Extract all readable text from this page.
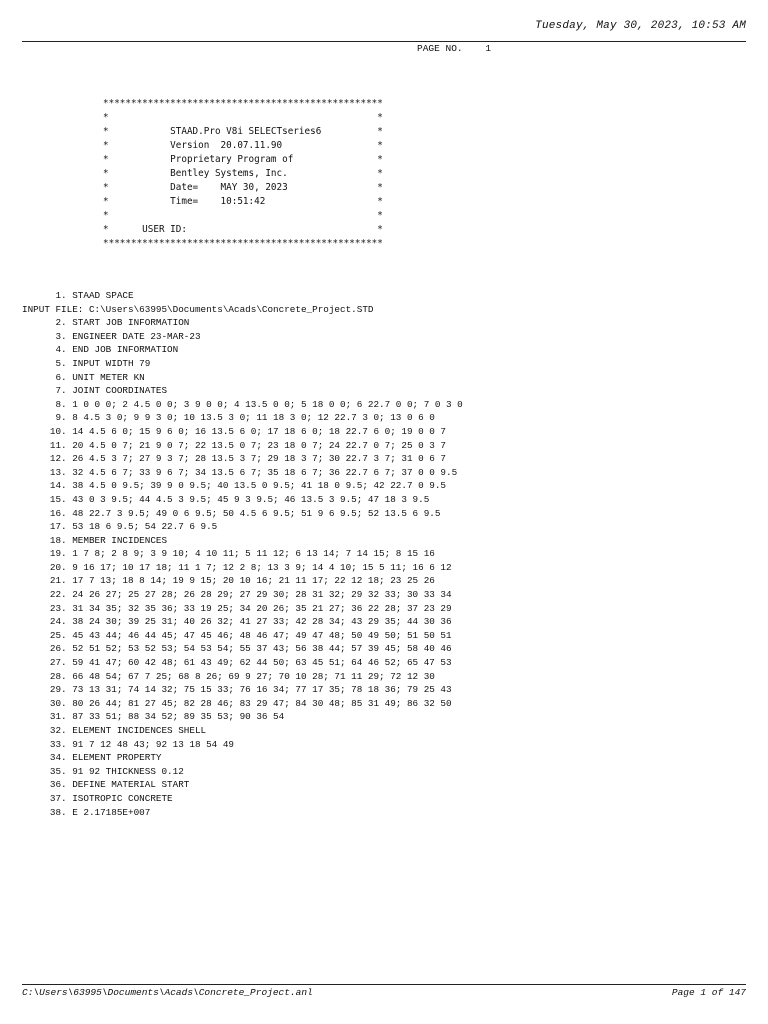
Tuesday, May 30, 2023, 10:53 AM
PAGE NO.    1
**************************************************
*                                                *
*           STAAD.Pro V8i SELECTseries6          *
*           Version  20.07.11.90                 *
*           Proprietary Program of               *
*           Bentley Systems, Inc.                *
*           Date=    MAY 30, 2023                *
*           Time=    10:51:42                    *
*                                                *
*      USER ID:                                  *
**************************************************
1. STAAD SPACE
INPUT FILE: C:\Users\63995\Documents\Acads\Concrete_Project.STD
2. START JOB INFORMATION
3. ENGINEER DATE 23-MAR-23
4. END JOB INFORMATION
5. INPUT WIDTH 79
6. UNIT METER KN
7. JOINT COORDINATES
8. 1 0 0 0; 2 4.5 0 0; 3 9 0 0; 4 13.5 0 0; 5 18 0 0; 6 22.7 0 0; 7 0 3 0
9. 8 4.5 3 0; 9 9 3 0; 10 13.5 3 0; 11 18 3 0; 12 22.7 3 0; 13 0 6 0
10. 14 4.5 6 0; 15 9 6 0; 16 13.5 6 0; 17 18 6 0; 18 22.7 6 0; 19 0 0 7
11. 20 4.5 0 7; 21 9 0 7; 22 13.5 0 7; 23 18 0 7; 24 22.7 0 7; 25 0 3 7
12. 26 4.5 3 7; 27 9 3 7; 28 13.5 3 7; 29 18 3 7; 30 22.7 3 7; 31 0 6 7
13. 32 4.5 6 7; 33 9 6 7; 34 13.5 6 7; 35 18 6 7; 36 22.7 6 7; 37 0 0 9.5
14. 38 4.5 0 9.5; 39 9 0 9.5; 40 13.5 0 9.5; 41 18 0 9.5; 42 22.7 0 9.5
15. 43 0 3 9.5; 44 4.5 3 9.5; 45 9 3 9.5; 46 13.5 3 9.5; 47 18 3 9.5
16. 48 22.7 3 9.5; 49 0 6 9.5; 50 4.5 6 9.5; 51 9 6 9.5; 52 13.5 6 9.5
17. 53 18 6 9.5; 54 22.7 6 9.5
18. MEMBER INCIDENCES
19. 1 7 8; 2 8 9; 3 9 10; 4 10 11; 5 11 12; 6 13 14; 7 14 15; 8 15 16
20. 9 16 17; 10 17 18; 11 1 7; 12 2 8; 13 3 9; 14 4 10; 15 5 11; 16 6 12
21. 17 7 13; 18 8 14; 19 9 15; 20 10 16; 21 11 17; 22 12 18; 23 25 26
22. 24 26 27; 25 27 28; 26 28 29; 27 29 30; 28 31 32; 29 32 33; 30 33 34
23. 31 34 35; 32 35 36; 33 19 25; 34 20 26; 35 21 27; 36 22 28; 37 23 29
24. 38 24 30; 39 25 31; 40 26 32; 41 27 33; 42 28 34; 43 29 35; 44 30 36
25. 45 43 44; 46 44 45; 47 45 46; 48 46 47; 49 47 48; 50 49 50; 51 50 51
26. 52 51 52; 53 52 53; 54 53 54; 55 37 43; 56 38 44; 57 39 45; 58 40 46
27. 59 41 47; 60 42 48; 61 43 49; 62 44 50; 63 45 51; 64 46 52; 65 47 53
28. 66 48 54; 67 7 25; 68 8 26; 69 9 27; 70 10 28; 71 11 29; 72 12 30
29. 73 13 31; 74 14 32; 75 15 33; 76 16 34; 77 17 35; 78 18 36; 79 25 43
30. 80 26 44; 81 27 45; 82 28 46; 83 29 47; 84 30 48; 85 31 49; 86 32 50
31. 87 33 51; 88 34 52; 89 35 53; 90 36 54
32. ELEMENT INCIDENCES SHELL
33. 91 7 12 48 43; 92 13 18 54 49
34. ELEMENT PROPERTY
35. 91 92 THICKNESS 0.12
36. DEFINE MATERIAL START
37. ISOTROPIC CONCRETE
38. E 2.17185E+007
C:\Users\63995\Documents\Acads\Concrete_Project.anl	Page 1 of 147
